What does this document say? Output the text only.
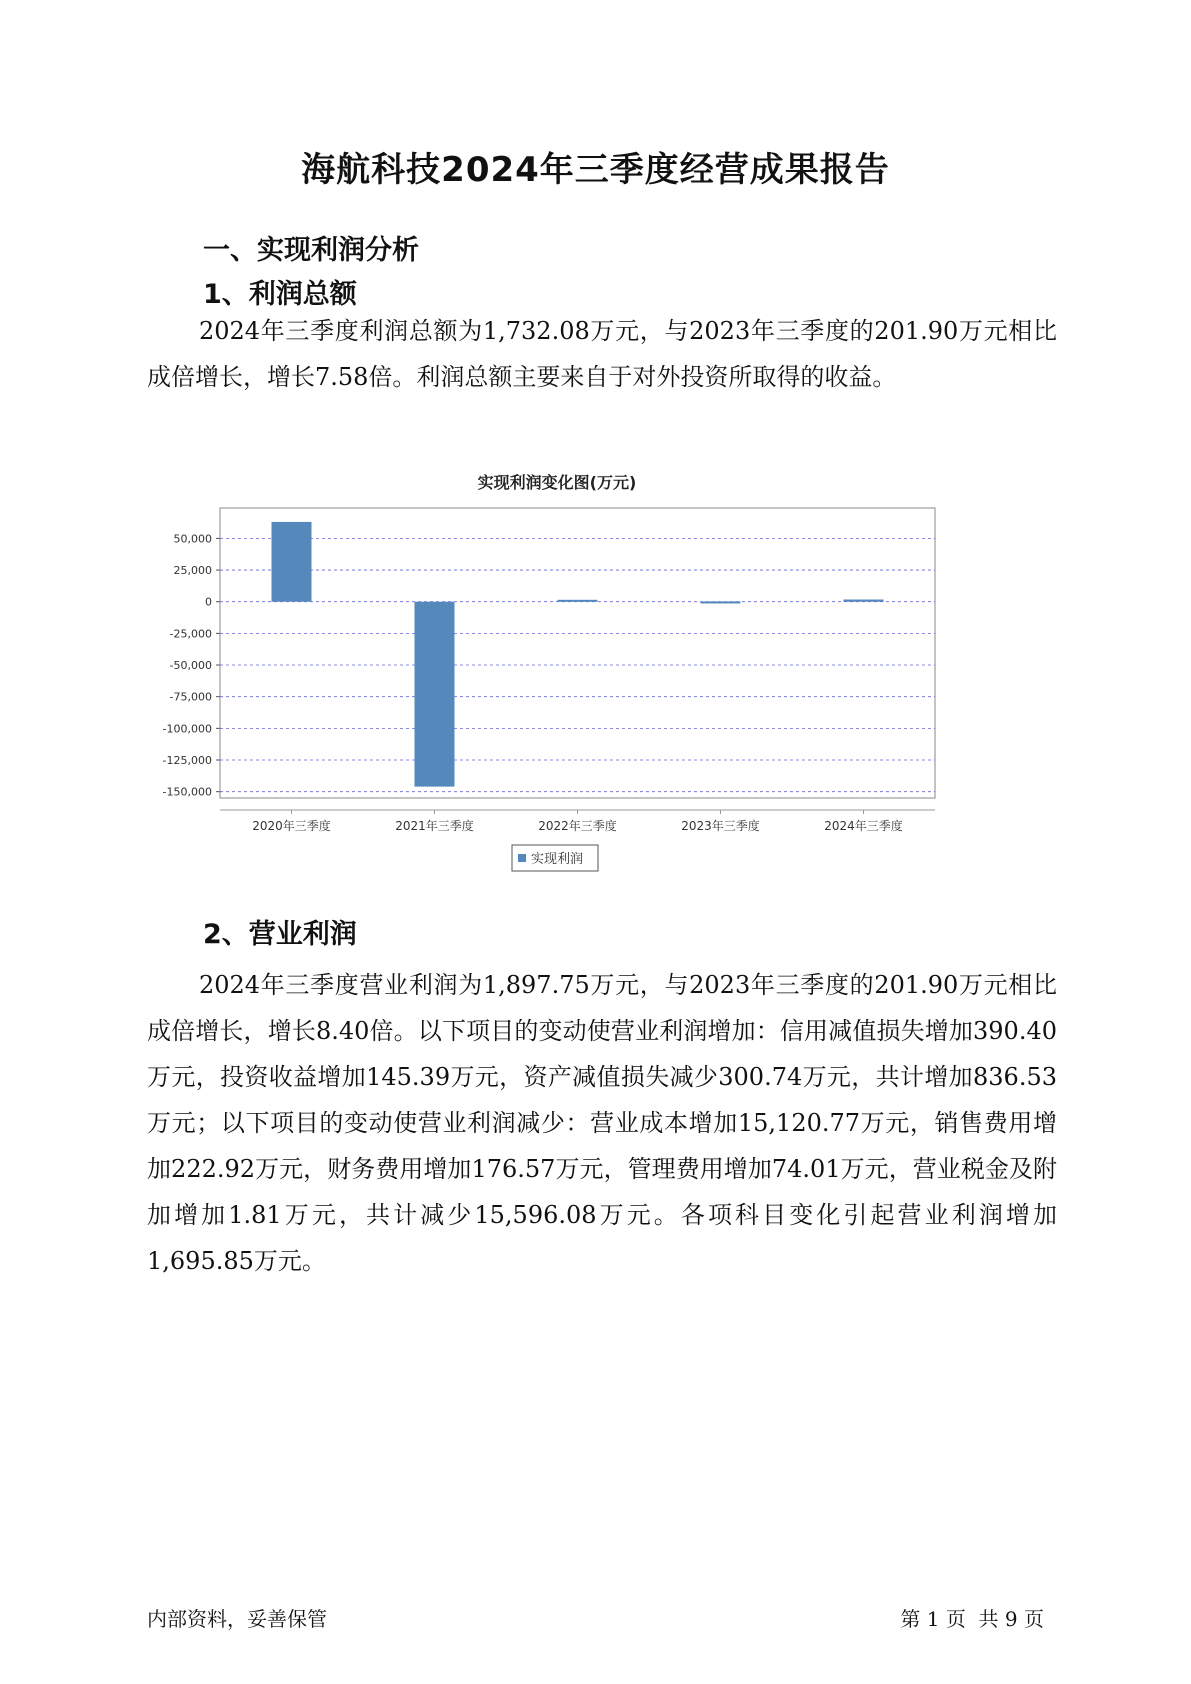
海航科技2024年三季度经营成果报告
一、实现利润分析
1、利润总额

2024年三季度利润总额为1,732.08万元，与2023年三季度的201.90万元相比成倍增长，增长7.58倍。利润总额主要来自于对外投资所取得的收益。

实现利润变化图(万元)
50,000
25,000
0
-25,000
-50,000
-75,000
-100,000
-125,000
-150,000
2020年三季度	2021年三季度	2022年三季度	2023年三季度	2024年三季度
实现利润
2、营业利润

2024年三季度营业利润为1,897.75万元，与2023年三季度的201.90万元相比成倍增长，增长8.40倍。以下项目的变动使营业利润增加：信用减值损失增加390.40万元，投资收益增加145.39万元，资产减值损失减少300.74万元，共计增加836.53万元；以下项目的变动使营业利润减少：营业成本增加15,120.77万元，销售费用增加222.92万元，财务费用增加176.57万元，管理费用增加74.01万元，营业税金及附加增加1.81万元，共计减少15,596.08万元。各项科目变化引起营业利润增加1,695.85万元。

内部资料，妥善保管	第 1 页  共 9 页
